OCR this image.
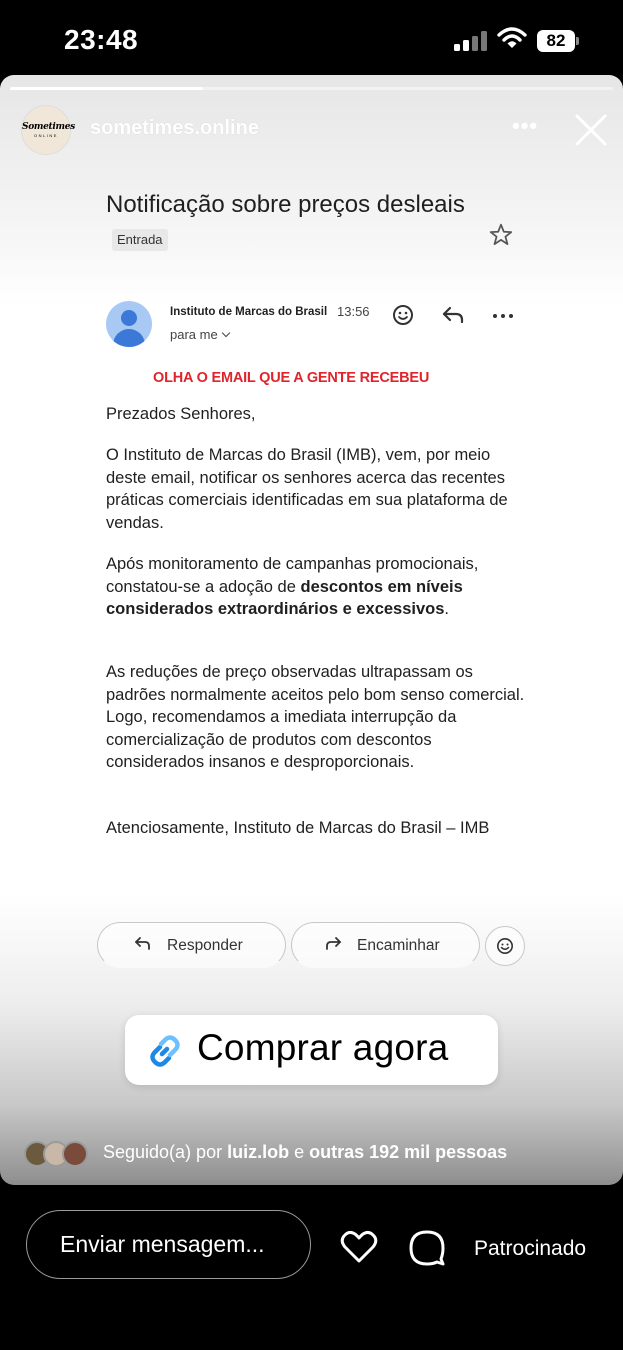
23:48	82
Sometimes
ONLINE	sometimes.online	•••
Notificação sobre preços desleaisEntrada
Instituto de Marcas do Brasil 13:56
para me
OLHA O EMAIL QUE A GENTE RECEBEU 😲😲😲

Prezados Senhores,

O Instituto de Marcas do Brasil (IMB), vem, por meio deste email, notificar os senhores acerca das recentes práticas comerciais identificadas em sua plataforma de vendas.

Após monitoramento de campanhas promocionais, constatou-se a adoção de descontos em níveis considerados extraordinários e excessivos.

As reduções de preço observadas ultrapassam os padrões normalmente aceitos pelo bom senso comercial. Logo, recomendamos a imediata interrupção da comercialização de produtos com descontos considerados insanos e desproporcionais.

Atenciosamente, Instituto de Marcas do Brasil – IMB

Responder	Encaminhar
Comprar agora
Seguido(a) por luiz.lob e outras 192 mil pessoas
Enviar mensagem...	Patrocinado
